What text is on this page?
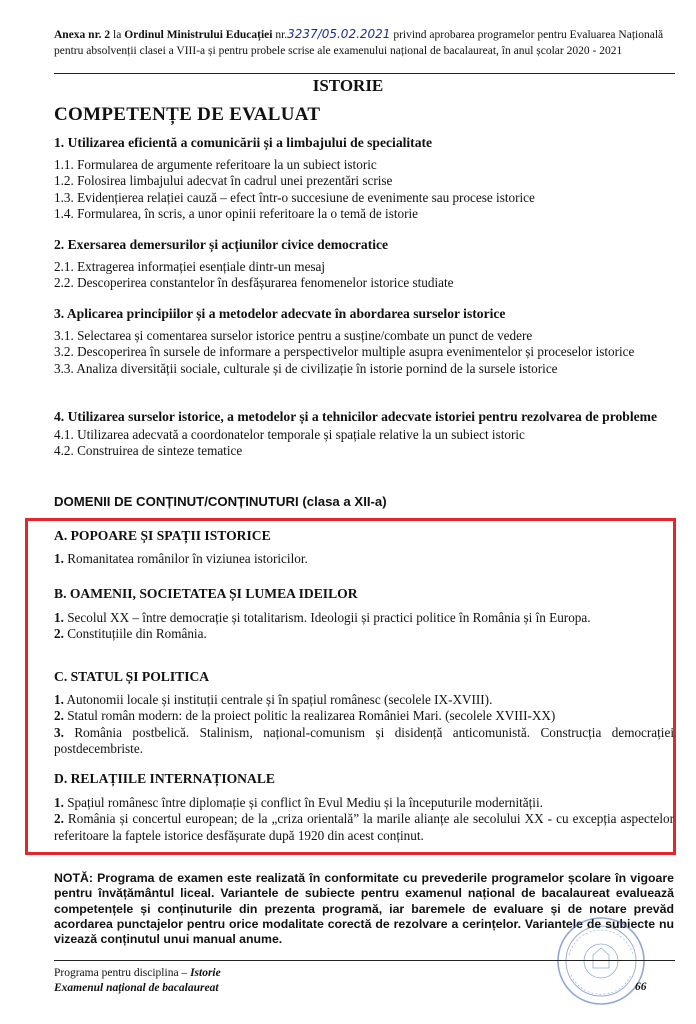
Anexa nr. 2 la Ordinul Ministrului Educației nr.3237/05.02.2021 privind aprobarea programelor pentru Evaluarea Națională pentru absolvenții clasei a VIII-a și pentru probele scrise ale examenului național de bacalaureat, în anul școlar 2020 - 2021
ISTORIE
COMPETENȚE DE EVALUAT
1. Utilizarea eficientă a comunicării și a limbajului de specialitate
1.1. Formularea de argumente referitoare la un subiect istoric
1.2. Folosirea limbajului adecvat în cadrul unei prezentări scrise
1.3. Evidențierea relației cauză – efect într-o succesiune de evenimente sau procese istorice
1.4. Formularea, în scris, a unor opinii referitoare la o temă de istorie
2. Exersarea demersurilor și acțiunilor civice democratice
2.1. Extragerea informației esențiale dintr-un mesaj
2.2. Descoperirea constantelor în desfășurarea fenomenelor istorice studiate
3. Aplicarea principiilor și a metodelor adecvate în abordarea surselor istorice
3.1. Selectarea și comentarea surselor istorice pentru a susține/combate un punct de vedere
3.2. Descoperirea în sursele de informare a perspectivelor multiple asupra evenimentelor și proceselor istorice
3.3. Analiza diversității sociale, culturale și de civilizație în istorie pornind de la sursele istorice
4. Utilizarea surselor istorice, a metodelor și a tehnicilor adecvate istoriei pentru rezolvarea de probleme
4.1. Utilizarea adecvată a coordonatelor temporale și spațiale relative la un subiect istoric
4.2. Construirea de sinteze tematice
DOMENII DE CONȚINUT/CONȚINUTURI (clasa a XII-a)
A. POPOARE ȘI SPAȚII ISTORICE
1. Romanitatea românilor în viziunea istoricilor.
B. OAMENII, SOCIETATEA ȘI LUMEA IDEILOR
1. Secolul XX – între democrație și totalitarism. Ideologii și practici politice în România și în Europa.
2. Constituțiile din România.
C. STATUL ȘI POLITICA
1. Autonomii locale și instituții centrale și în spațiul românesc (secolele IX-XVIII).
2. Statul român modern: de la proiect politic la realizarea României Mari. (secolele XVIII-XX)
3. România postbelică. Stalinism, național-comunism și disidență anticomunistă. Construcția democrației postdecembriste.
D. RELAȚIILE INTERNAȚIONALE
1. Spațiul românesc între diplomație și conflict în Evul Mediu și la începuturile modernității.
2. România și concertul european; de la „criza orientală” la marile alianțe ale secolului XX - cu excepția aspectelor referitoare la faptele istorice desfășurate după 1920 din acest conținut.
NOTĂ: Programa de examen este realizată în conformitate cu prevederile programelor școlare în vigoare pentru învățământul liceal. Variantele de subiecte pentru examenul național de bacalaureat evaluează competențele și conținuturile din prezenta programă, iar baremele de evaluare și de notare prevăd acordarea punctajelor pentru orice modalitate corectă de rezolvare a cerințelor. Variantele de subiecte nu vizează conținutul unui manual anume.
Programa pentru disciplina – Istorie
Examenul național de bacalaureat	66
